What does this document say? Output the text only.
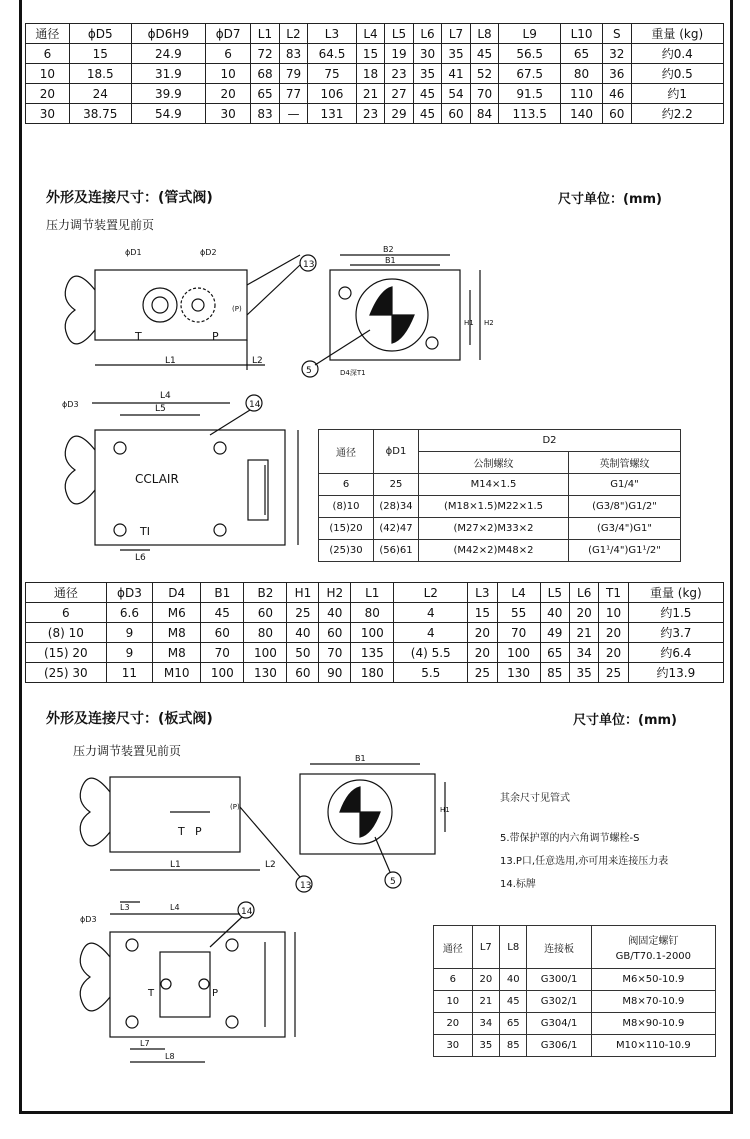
通径	ϕD5	ϕD6H9	ϕD7	L1	L2	L3	L4	L5	L6	L7	L8	L9	L10	S	重量 (kg)
6	15	24.9	6	72	83	64.5	15	19	30	35	45	56.5	65	32	约0.4
10	18.5	31.9	10	68	79	75	18	23	35	41	52	67.5	80	36	约0.5
20	24	39.9	20	65	77	106	21	27	45	54	70	91.5	110	46	约1
30	38.75	54.9	30	83	—	131	23	29	45	60	84	113.5	140	60	约2.2
外形及连接尺寸：(管式阀)	尺寸单位：(mm)
压力调节装置见前页
ϕD1	ϕD2
T	P
(P)
L1	L2
13
B2
B1
H1 H2
D4深T1
5
CCLAIR
L4
L5
ϕD3
TI
L6
14
通径	ϕD1	D2	
		公制螺纹	英制管螺纹
6	25	M14×1.5	G1/4"
(8)10	(28)34	(M18×1.5)M22×1.5	(G3/8")G1/2"
(15)20	(42)47	(M27×2)M33×2	(G3/4")G1"
(25)30	(56)61	(M42×2)M48×2	(G1¹/4")G1¹/2"
通径	ϕD3	D4	B1	B2	H1	H2	L1	L2	L3	L4	L5	L6	T1	重量 (kg)
6	6.6	M6	45	60	25	40	80	4	15	55	40	20	10	约1.5
(8) 10	9	M8	60	80	40	60	100	4	20	70	49	21	20	约3.7
(15) 20	9	M8	70	100	50	70	135	(4) 5.5	20	100	65	34	20	约6.4
(25) 30	11	M10	100	130	60	90	180	5.5	25	130	85	35	25	约13.9
外形及连接尺寸：(板式阀)	尺寸单位：(mm)
压力调节装置见前页
T P
(P)
L1	L2
13
B1
H1
5
ϕD3
L3	L4
T	P
L7
L8
14
其余尺寸见管式
5.带保护罩的内六角调节螺栓-S
13.P口,任意选用,亦可用来连接压力表
14.标牌
通径	L7	L8	连接板	阀固定螺钉
GB/T70.1-2000

6	20	40	G300/1	M6×50-10.9
10	21	45	G302/1	M8×70-10.9
20	34	65	G304/1	M8×90-10.9
30	35	85	G306/1	M10×110-10.9
